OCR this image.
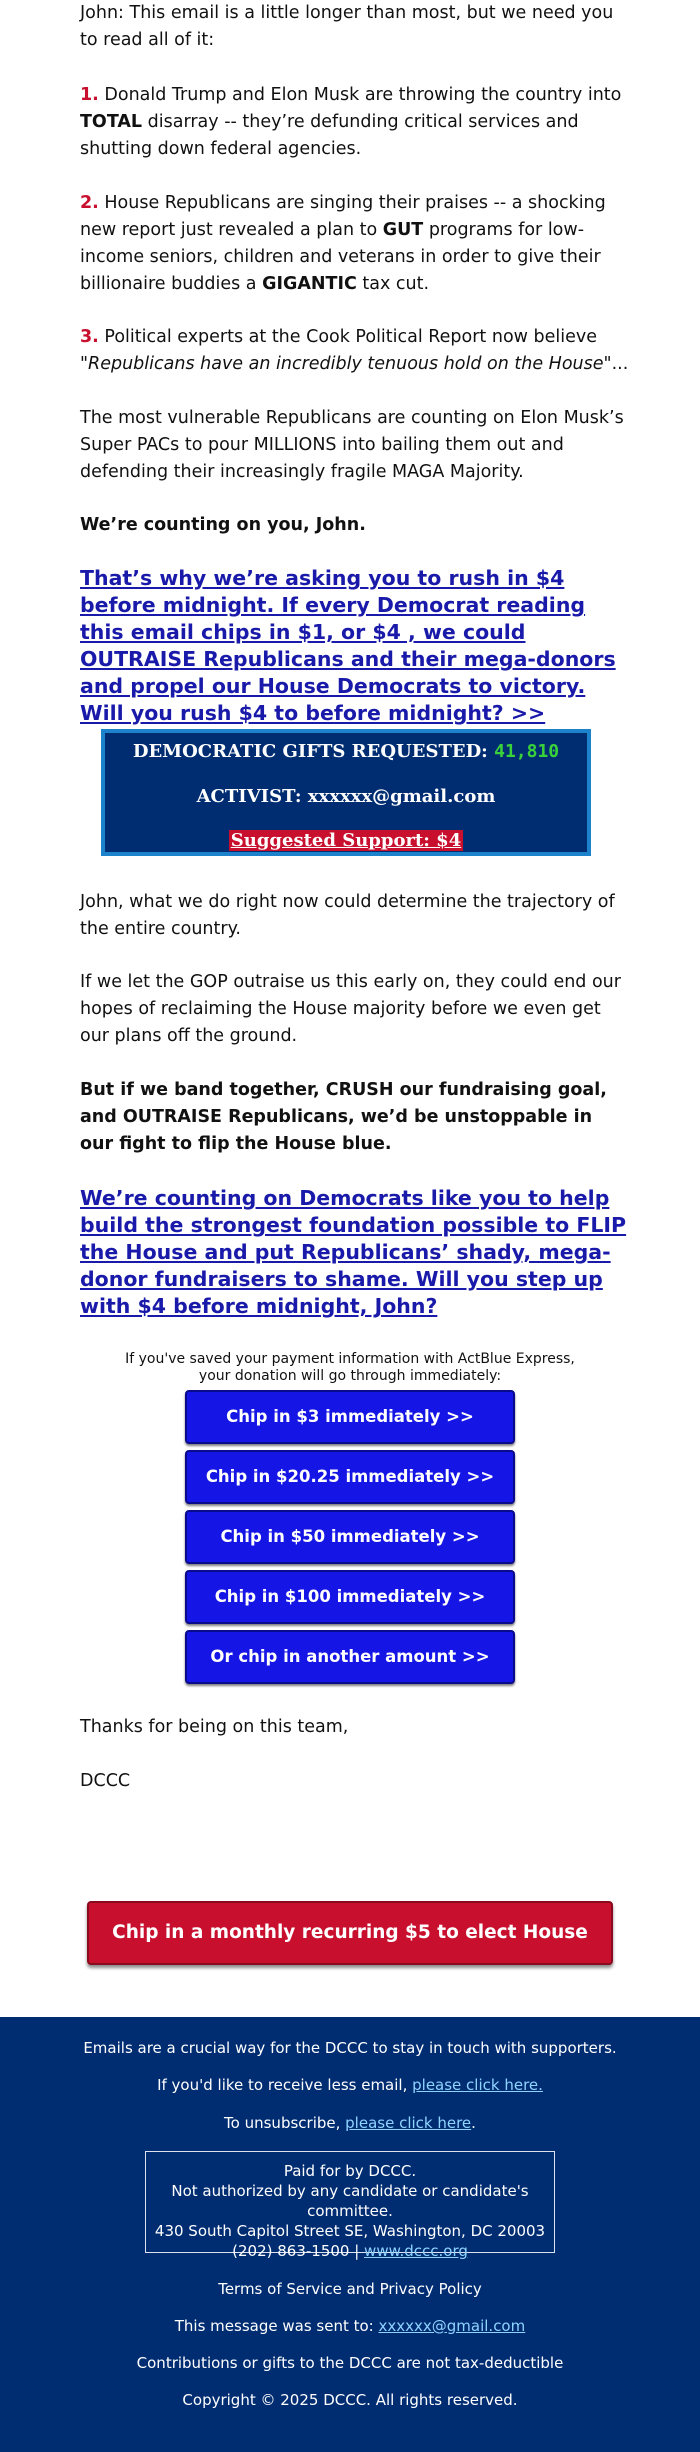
John: This email is a little longer than most, but we need you to read all of it:

1. Donald Trump and Elon Musk are throwing the country into TOTAL disarray -- they’re defunding critical services and shutting down federal agencies.

2. House Republicans are singing their praises -- a shocking new report just revealed a plan to GUT programs for low-income seniors, children and veterans in order to give their billionaire buddies a GIGANTIC tax cut.

3. Political experts at the Cook Political Report now believe "Republicans have an incredibly tenuous hold on the House"...

The most vulnerable Republicans are counting on Elon Musk’s Super PACs to pour MILLIONS into bailing them out and defending their increasingly fragile MAGA Majority.

We’re counting on you, John.

That’s why we’re asking you to rush in $4 before midnight. If every Democrat reading this email chips in $1, or $4 , we could OUTRAISE Republicans and their mega-donors and propel our House Democrats to victory. Will you rush $4 to before midnight? >>
DEMOCRATIC GIFTS REQUESTED: 41,810
ACTIVIST: xxxxxx@gmail.com
Suggested Support: $4

John, what we do right now could determine the trajectory of the entire country.

If we let the GOP outraise us this early on, they could end our hopes of reclaiming the House majority before we even get our plans off the ground.

But if we band together, CRUSH our fundraising goal, and OUTRAISE Republicans, we’d be unstoppable in our fight to flip the House blue.

We’re counting on Democrats like you to help build the strongest foundation possible to FLIP the House and put Republicans’ shady, mega-donor fundraisers to shame. Will you step up with $4 before midnight, John?
If you've saved your payment information with ActBlue Express,
your donation will go through immediately:
Chip in $3 immediately >>
Chip in $20.25 immediately >>
Chip in $50 immediately >>
Chip in $100 immediately >>
Or chip in another amount >>

Thanks for being on this team,

DCCC

Chip in a monthly recurring $5 to elect House Dems >>
Emails are a crucial way for the DCCC to stay in touch with supporters.
If you'd like to receive less email, please click here.
To unsubscribe, please click here.
Paid for by DCCC.
Not authorized by any candidate or candidate's committee.
430 South Capitol Street SE, Washington, DC 20003
(202) 863-1500 | www.dccc.org
Terms of Service and Privacy Policy
This message was sent to: xxxxxx@gmail.com
Contributions or gifts to the DCCC are not tax-deductible
Copyright © 2025 DCCC. All rights reserved.
